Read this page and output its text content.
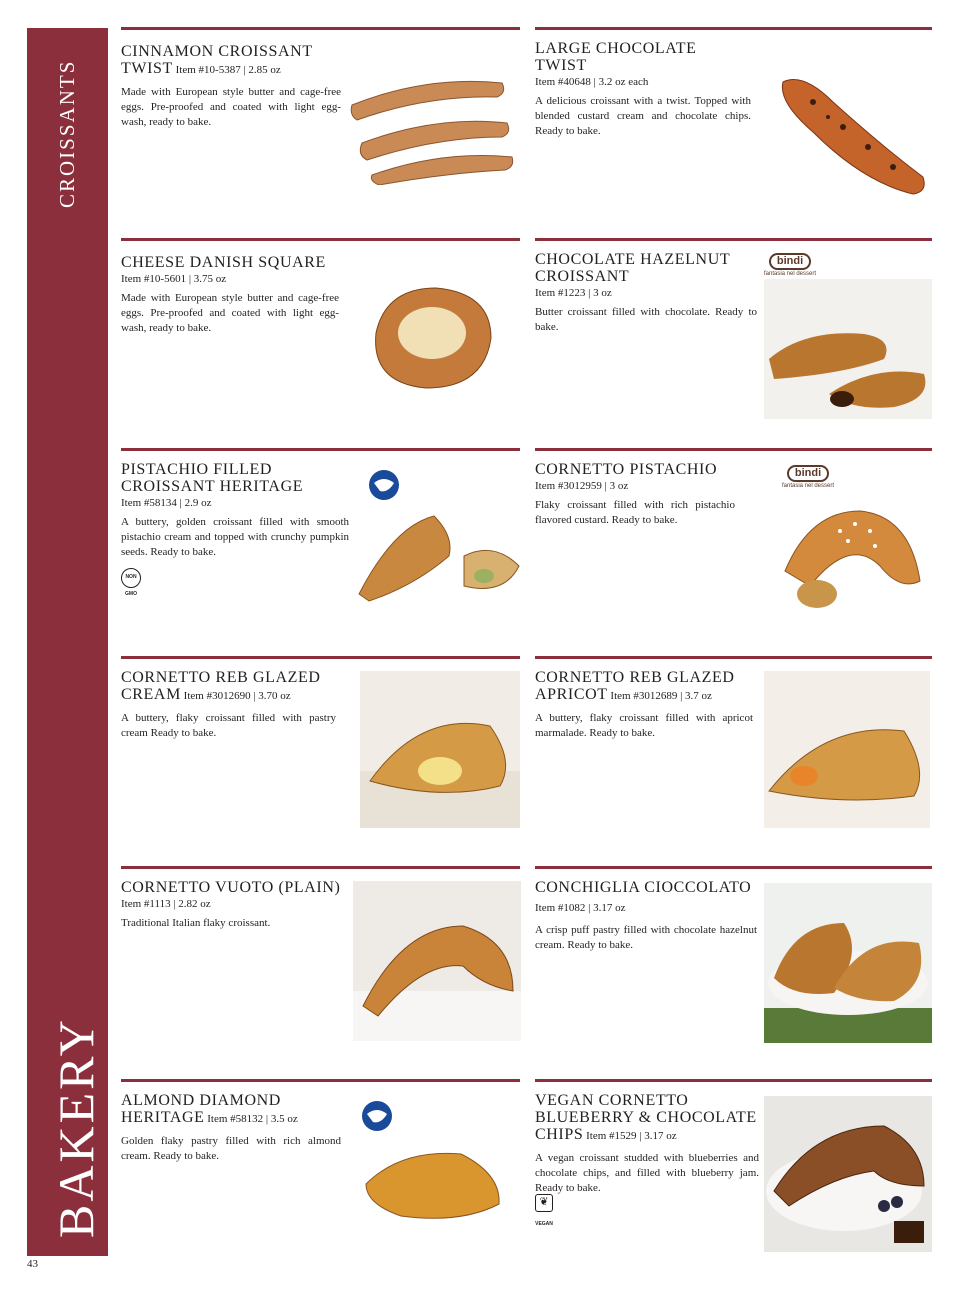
CROISSANTS
BAKERY
43
CINNAMON CROISSANT TWIST Item #10-5387 | 2.85 oz
Made with European style butter and cage-free eggs. Pre-proofed and coated with light egg-wash, ready to bake.
LARGE CHOCOLATE TWIST
Item #40648 | 3.2 oz each
A delicious croissant with a twist. Topped with blended custard cream and chocolate chips. Ready to bake.
CHEESE DANISH SQUARE
Item #10-5601 | 3.75 oz
Made with European style butter and cage-free eggs. Pre-proofed and coated with light egg-wash, ready to bake.
CHOCOLATE HAZELNUT CROISSANT
Item #1223 | 3 oz
Butter croissant filled with chocolate. Ready to bake.
bindi
fantasia nel dessert
PISTACHIO FILLED CROISSANT HERITAGE
Item #58134 | 2.9 oz
A buttery, golden croissant filled with smooth pistachio cream and topped with crunchy pumpkin seeds. Ready to bake.
NON GMO
CORNETTO PISTACHIO
Item #3012959 | 3 oz
Flaky croissant filled with rich pistachio flavored custard. Ready to bake.
bindi
fantasia nel dessert
CORNETTO REB GLAZED CREAM Item #3012690 | 3.70 oz
A buttery, flaky croissant filled with pastry cream Ready to bake.
CORNETTO REB GLAZED APRICOT Item #3012689 | 3.7 oz
A buttery, flaky croissant filled with apricot marmalade. Ready to bake.
CORNETTO VUOTO (PLAIN)
Item #1113 | 2.82 oz
Traditional Italian flaky croissant.
CONCHIGLIA CIOCCOLATO Item #1082 | 3.17 oz
A crisp puff pastry filled with chocolate hazelnut cream. Ready to bake.
ALMOND DIAMOND HERITAGE Item #58132 | 3.5 oz
Golden flaky pastry filled with rich almond cream. Ready to bake.
VEGAN CORNETTO BLUEBERRY & CHOCOLATE CHIPS Item #1529 | 3.17 oz
A vegan croissant studded with blueberries and chocolate chips, and filled with blueberry jam. Ready to bake.
❦
VEGAN
